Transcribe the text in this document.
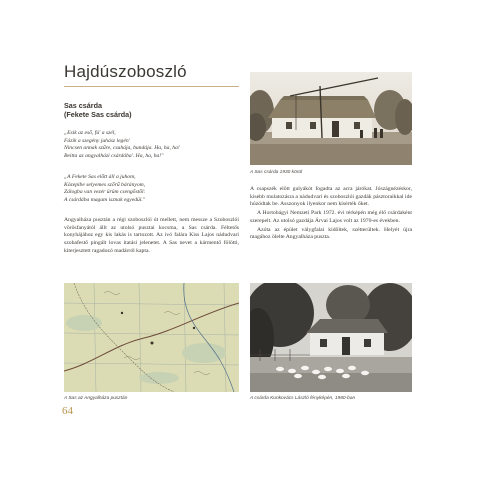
Hajdúszoboszló
Sas csárda
(Fekete Sas csárda)
„Esik az eső, fú' a szél,
Fázik a szegény juhász legén'
Nincsen annak szűre, csuhája, bundája. Ha, ha, ha!
Beitta az angyalházi csárdába'. Ha, ha, ha!"
„A Fekete Sas előtt áll a juhom,
Közepibe selyemes szőrű bárányom,
Zálogba van vezér ürüm csengőstől:
A csárdába magam isznak egyedül."

Angyalháza pusztán a régi szoboszlói út mellett, nem messze a Szoboszlói vörösfanyától állt az utolsó pusztai kocsma, a Sas csárda. Féltetős konyhájához egy kis lakás is tartozott. Az ivó falára Kiss Lajos nádudvari szobafestő pingált lovas itatási jelenetet. A Sas nevet a kármentő fölötti, kiterjesztett ragadozó madárról kapta.

A csapszék előtt gulyákót fogadta az acra járókat. Jószágnézéskor, kisebb mulatozásra a nádudvari és szoboszlói gazdák pásztoraikkal ide húzódtak be. Asszonyok ilyenkor nem kísérték őket.

A Hortobágyi Nemzeti Park 1972. évi térképén még élő csárdaként szerepelt. Az utolsó gazdája Árvai Lajos volt az 1970-es években.

Azóta az épület válygfalai kidőltek, szétterültek. Helyét újra magához ölelte Angyalháza puszta.

A Sas csárda 1930 körül
A Sas az Angyalháza pusztán	A csárda Kunkovács László fényképén, 1980-ban
64
